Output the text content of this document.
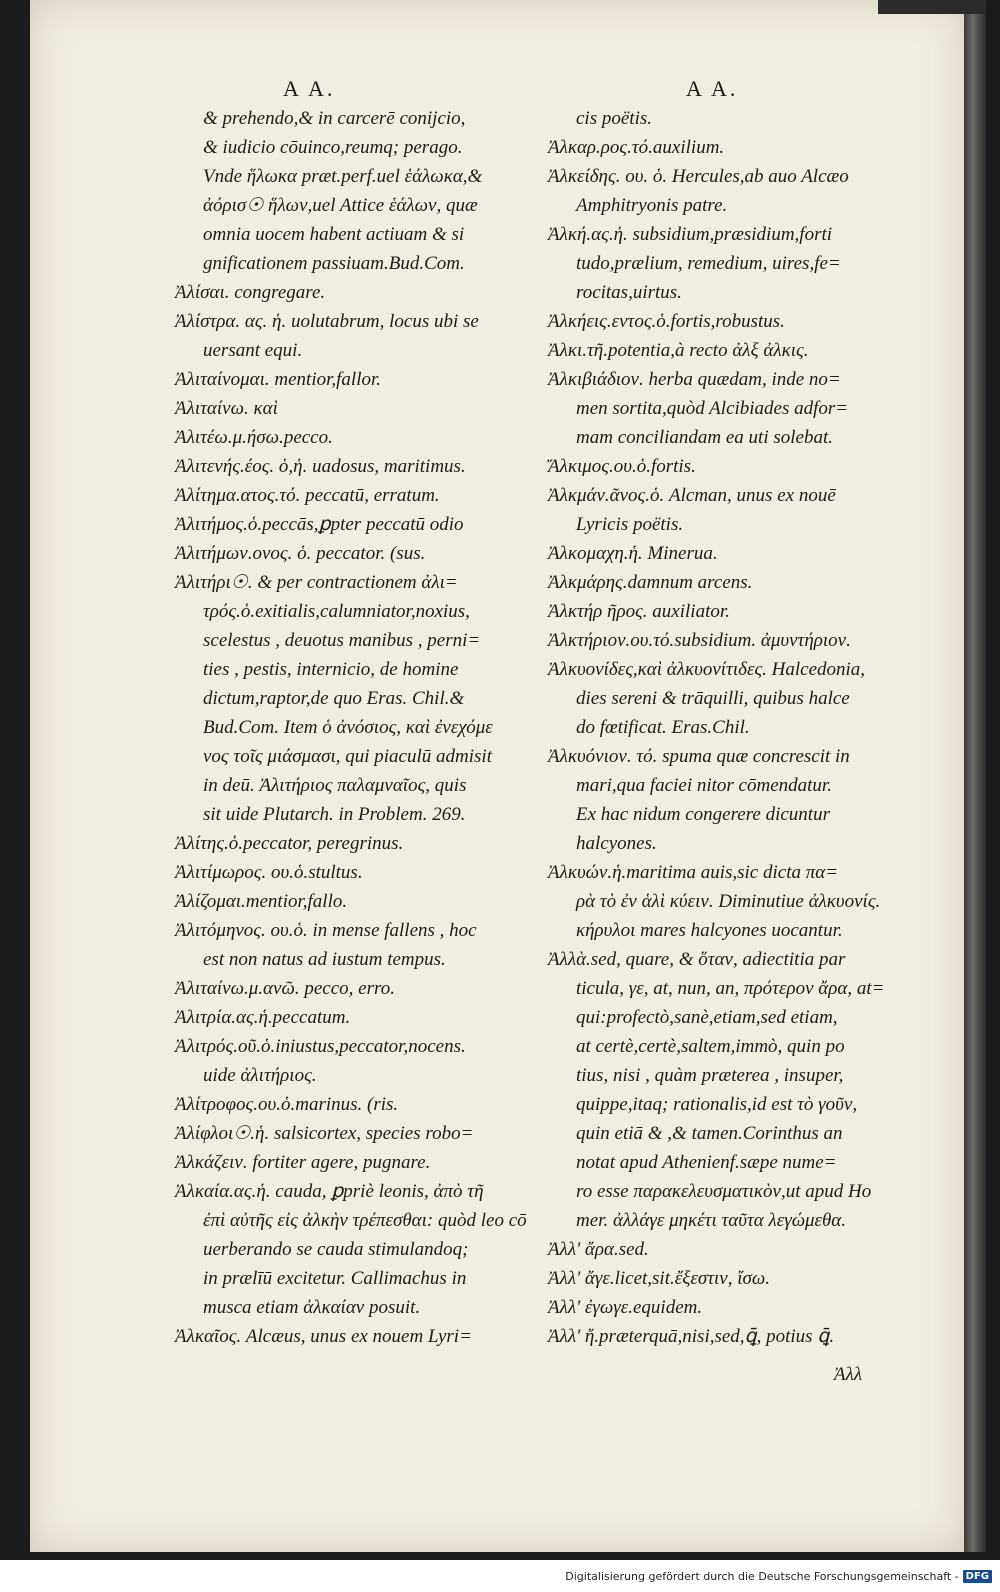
A A.
& prehendo,& in carcerē conijcio,
& iudicio cōuinco,reumq; perago.
Vnde ἥλωκα præt.perf.uel ἑάλωκα,&
ἀόρισ☉ ἥλων,uel Attice ἑάλων, quæ
omnia uocem habent actiuam & si
gnificationem passiuam.Bud.Com.
Ἀλίσαι. congregare.
Ἀλίστρα. ας. ἡ. uolutabrum, locus ubi se
uersant equi.
Ἀλιταίνομαι. mentior,fallor.
Ἀλιταίνω. καὶ
Ἀλιτέω.μ.ήσω.pecco.
Ἀλιτενής.έος. ὁ,ἡ. uadosus, maritimus.
Ἀλίτημα.ατος.τό. peccatū, erratum.
Ἀλιτήμος.ὁ.peccās,ꝑpter peccatū odio
Ἀλιτήμων.ονος. ὁ. peccator. (sus.
Ἀλιτήρι☉. & per contractionem ἀλι=
τρός.ὁ.exitialis,calumniator,noxius,
scelestus , deuotus manibus , perni=
ties , pestis, internicio, de homine
dictum,raptor,de quo Eras. Chil.&
Bud.Com. Item ὁ ἀνόσιος, καὶ ἐνεχόμε
νος τοῖς μιάσμασι, qui piaculū admisit
in deū. Ἀλιτήριος παλαμναῖος, quis
sit uide Plutarch. in Problem. 269.
Ἀλίτης.ὁ.peccator, peregrinus.
Ἀλιτίμωρος. ου.ὁ.stultus.
Ἀλίζομαι.mentior,fallo.
Ἀλιτόμηνος. ου.ὁ. in mense fallens , hoc
est non natus ad iustum tempus.
Ἀλιταίνω.μ.ανῶ. pecco, erro.
Ἀλιτρία.ας.ἡ.peccatum.
Ἀλιτρός.οῦ.ὁ.iniustus,peccator,nocens.
uide ἀλιτήριος.
Ἀλίτροφος.ου.ὁ.marinus. (ris.
Ἀλίφλοι☉.ἡ. salsicortex, species robo=
Ἀλκάζειν. fortiter agere, pugnare.
Ἀλκαία.ας.ἡ. cauda, ꝑpriè leonis, ἀπὸ τῆ
ἐπὶ αὐτῆς εἰς ἀλκὴν τρέπεσθαι: quòd leo cō
uerberando se cauda stimulandoq;
in prælīū excitetur. Callimachus in
musca etiam ἀλκαίαν posuit.
Ἀλκαῖος. Alcæus, unus ex nouem Lyri=
A A.
cis poëtis.
Ἀλκαρ.ρος.τό.auxilium.
Ἀλκείδης. ου. ὁ. Hercules,ab auo Alcæo
Amphitryonis patre.
Ἀλκή.ας.ἡ. subsidium,præsidium,forti
tudo,prælium, remedium, uires,fe=
rocitas,uirtus.
Ἀλκήεις.εντος.ὁ.fortis,robustus.
Ἀλκι.τῆ.potentia,à recto ἀλξ ἀλκις.
Ἀλκιβιάδιον. herba quædam, inde no=
men sortita,quòd Alcibiades adfor=
mam conciliandam ea uti solebat.
Ἄλκιμος.ου.ὁ.fortis.
Ἀλκμάν.ᾶνος.ὁ. Alcman, unus ex nouē
Lyricis poëtis.
Ἀλκομαχη.ἡ. Minerua.
Ἀλκμάρης.damnum arcens.
Ἀλκτήρ ῆρος. auxiliator.
Ἀλκτήριον.ου.τό.subsidium. ἀμυντήριον.
Ἀλκυονίδες,καὶ ἀλκυονίτιδες. Halcedonia,
dies sereni & trāquilli, quibus halce
do fœtificat. Eras.Chil.
Ἀλκυόνιον. τό. spuma quæ concrescit in
mari,qua faciei nitor cōmendatur.
Ex hac nidum congerere dicuntur
halcyones.
Ἀλκυών.ἡ.maritima auis,sic dicta πα=
ρὰ τὸ ἐν ἁλὶ κύειν. Diminutiue ἀλκυονίς.
κήρυλοι mares halcyones uocantur.
Ἀλλὰ.sed, quare, & ὅταν, adiectitia par
ticula, γε, at, nun, an, πρότερον ἄρα, at=
qui:profectò,sanè,etiam,sed etiam,
at certè,certè,saltem,immò, quin po
tius, nisi , quàm præterea , insuper,
quippe,itaq; rationalis,id est τὸ γοῦν,
quin etiā & ,& tamen.Corinthus an
notat apud Athenienf.sæpe nume=
ro esse παρακελευσματικὸν,ut apud Ho
mer. ἀλλάγε μηκέτι ταῦτα λεγώμεθα.
Ἀλλ' ἄρα.sed.
Ἀλλ' ἄγε.licet,sit.ἔξεστιν, ἴσω.
Ἀλλ' ἐγωγε.equidem.
Ἀλλ' ἤ.præterquā,nisi,sed,ꝗ̄, potius ꝗ̄.
Ἀλλ
Digitalisierung gefördert durch die Deutsche Forschungsgemeinschaft - DFG
